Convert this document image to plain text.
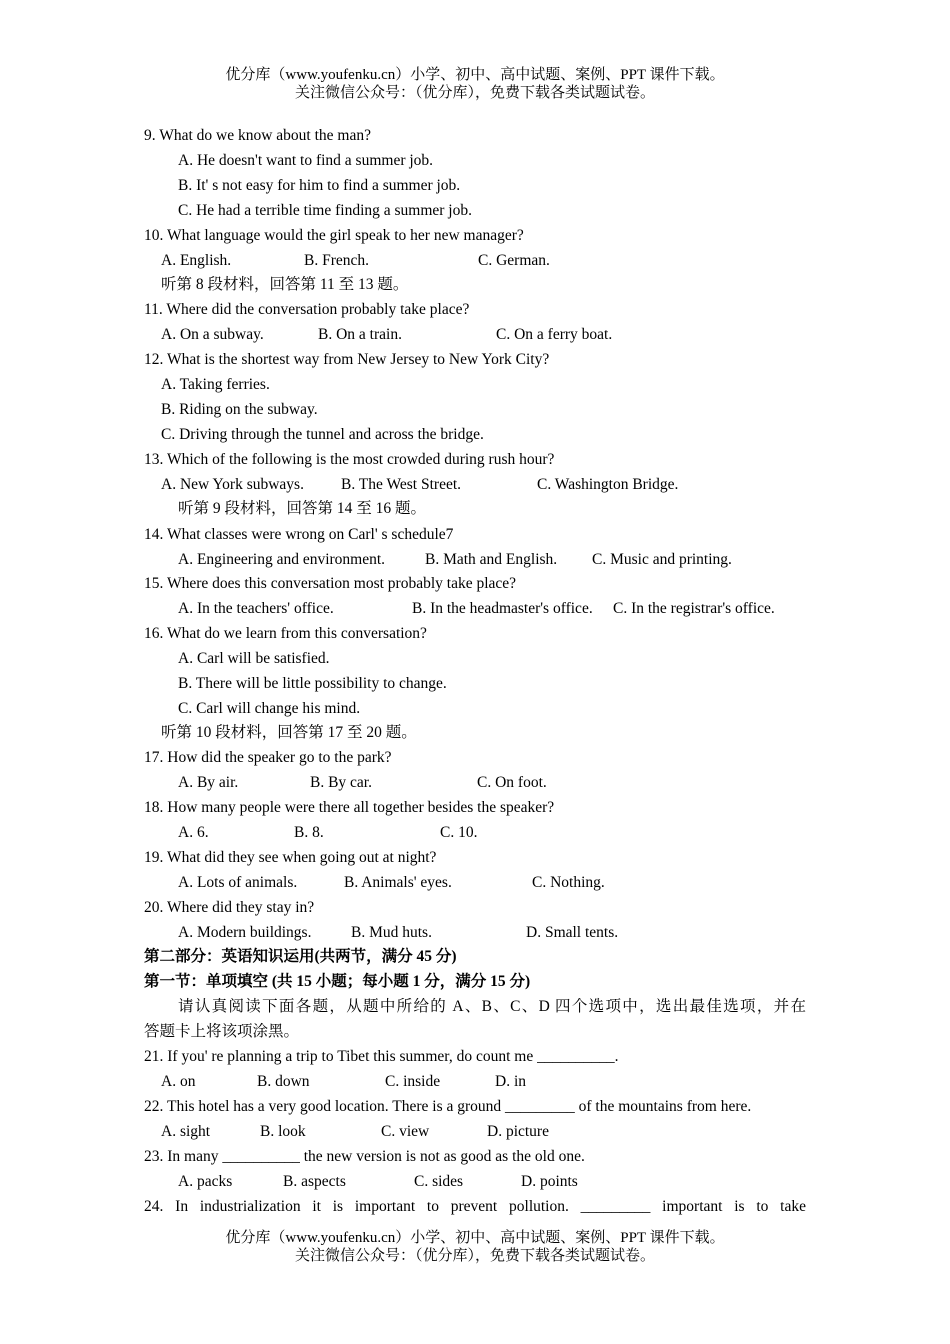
优分库（www.youfenku.cn）小学、初中、高中试题、案例、PPT 课件下载。
关注微信公众号：（优分库），免费下载各类试题试卷。
9. What do we know about the man?
A. He doesn't want to find a summer job.
B. It' s not easy for him to find a summer job.
C. He had a terrible time finding a summer job.
10. What language would the girl speak to her new manager?
A. English.	B. French.	C. German.
听第 8 段材料，回答第 11 至 13 题。
11. Where did the conversation probably take place?
A. On a subway.	B. On a train.	C. On a ferry boat.
12. What is the shortest way from New Jersey to New York City?
A. Taking ferries.
B. Riding on the subway.
C. Driving through the tunnel and across the bridge.
13. Which of the following is the most crowded during rush hour?
A. New York subways. B. The West Street.	C. Washington Bridge.
听第 9 段材料，回答第 14 至 16 题。
14. What classes were wrong on Carl' s schedule7
A. Engineering and environment.	B. Math and English. C. Music and printing.
15. Where does this conversation most probably take place?
A. In the teachers' office.	B. In the headmaster's office. C. In the registrar's office.
16. What do we learn from this conversation?
A. Carl will be satisfied.
B. There will be little possibility to change.
C. Carl will change his mind.
听第 10 段材料，回答第 17 至 20 题。
17. How did the speaker go to the park?
A. By air.	B. By car.	C. On foot.
18. How many people were there all together besides the speaker?
A. 6.	B. 8.	C. 10.
19. What did they see when going out at night?
A. Lots of animals.	B. Animals' eyes.	C. Nothing.
20. Where did they stay in?
A. Modern buildings.	B. Mud huts.	D. Small tents.
第二部分：英语知识运用(共两节，满分 45 分)
第一节：单项填空 (共 15 小题；每小题 1 分，满分 15 分)
请认真阅读下面各题，从题中所给的 A、B、C、D 四个选项中，选出最佳选项，并在
答题卡上将该项涂黑。
21. If you' re planning a trip to Tibet this summer, do count me __________.
A. on	B. down	C. inside	D. in
22. This hotel has a very good location. There is a ground _________ of the mountains from here.
A. sight	B. look	C. view	D. picture
23. In many __________ the new version is not as good as the old one.
A. packs	B. aspects	C. sides	D. points
24. In industrialization it is important to prevent pollution. _________ important is to take
优分库（www.youfenku.cn）小学、初中、高中试题、案例、PPT 课件下载。
关注微信公众号：（优分库），免费下载各类试题试卷。
